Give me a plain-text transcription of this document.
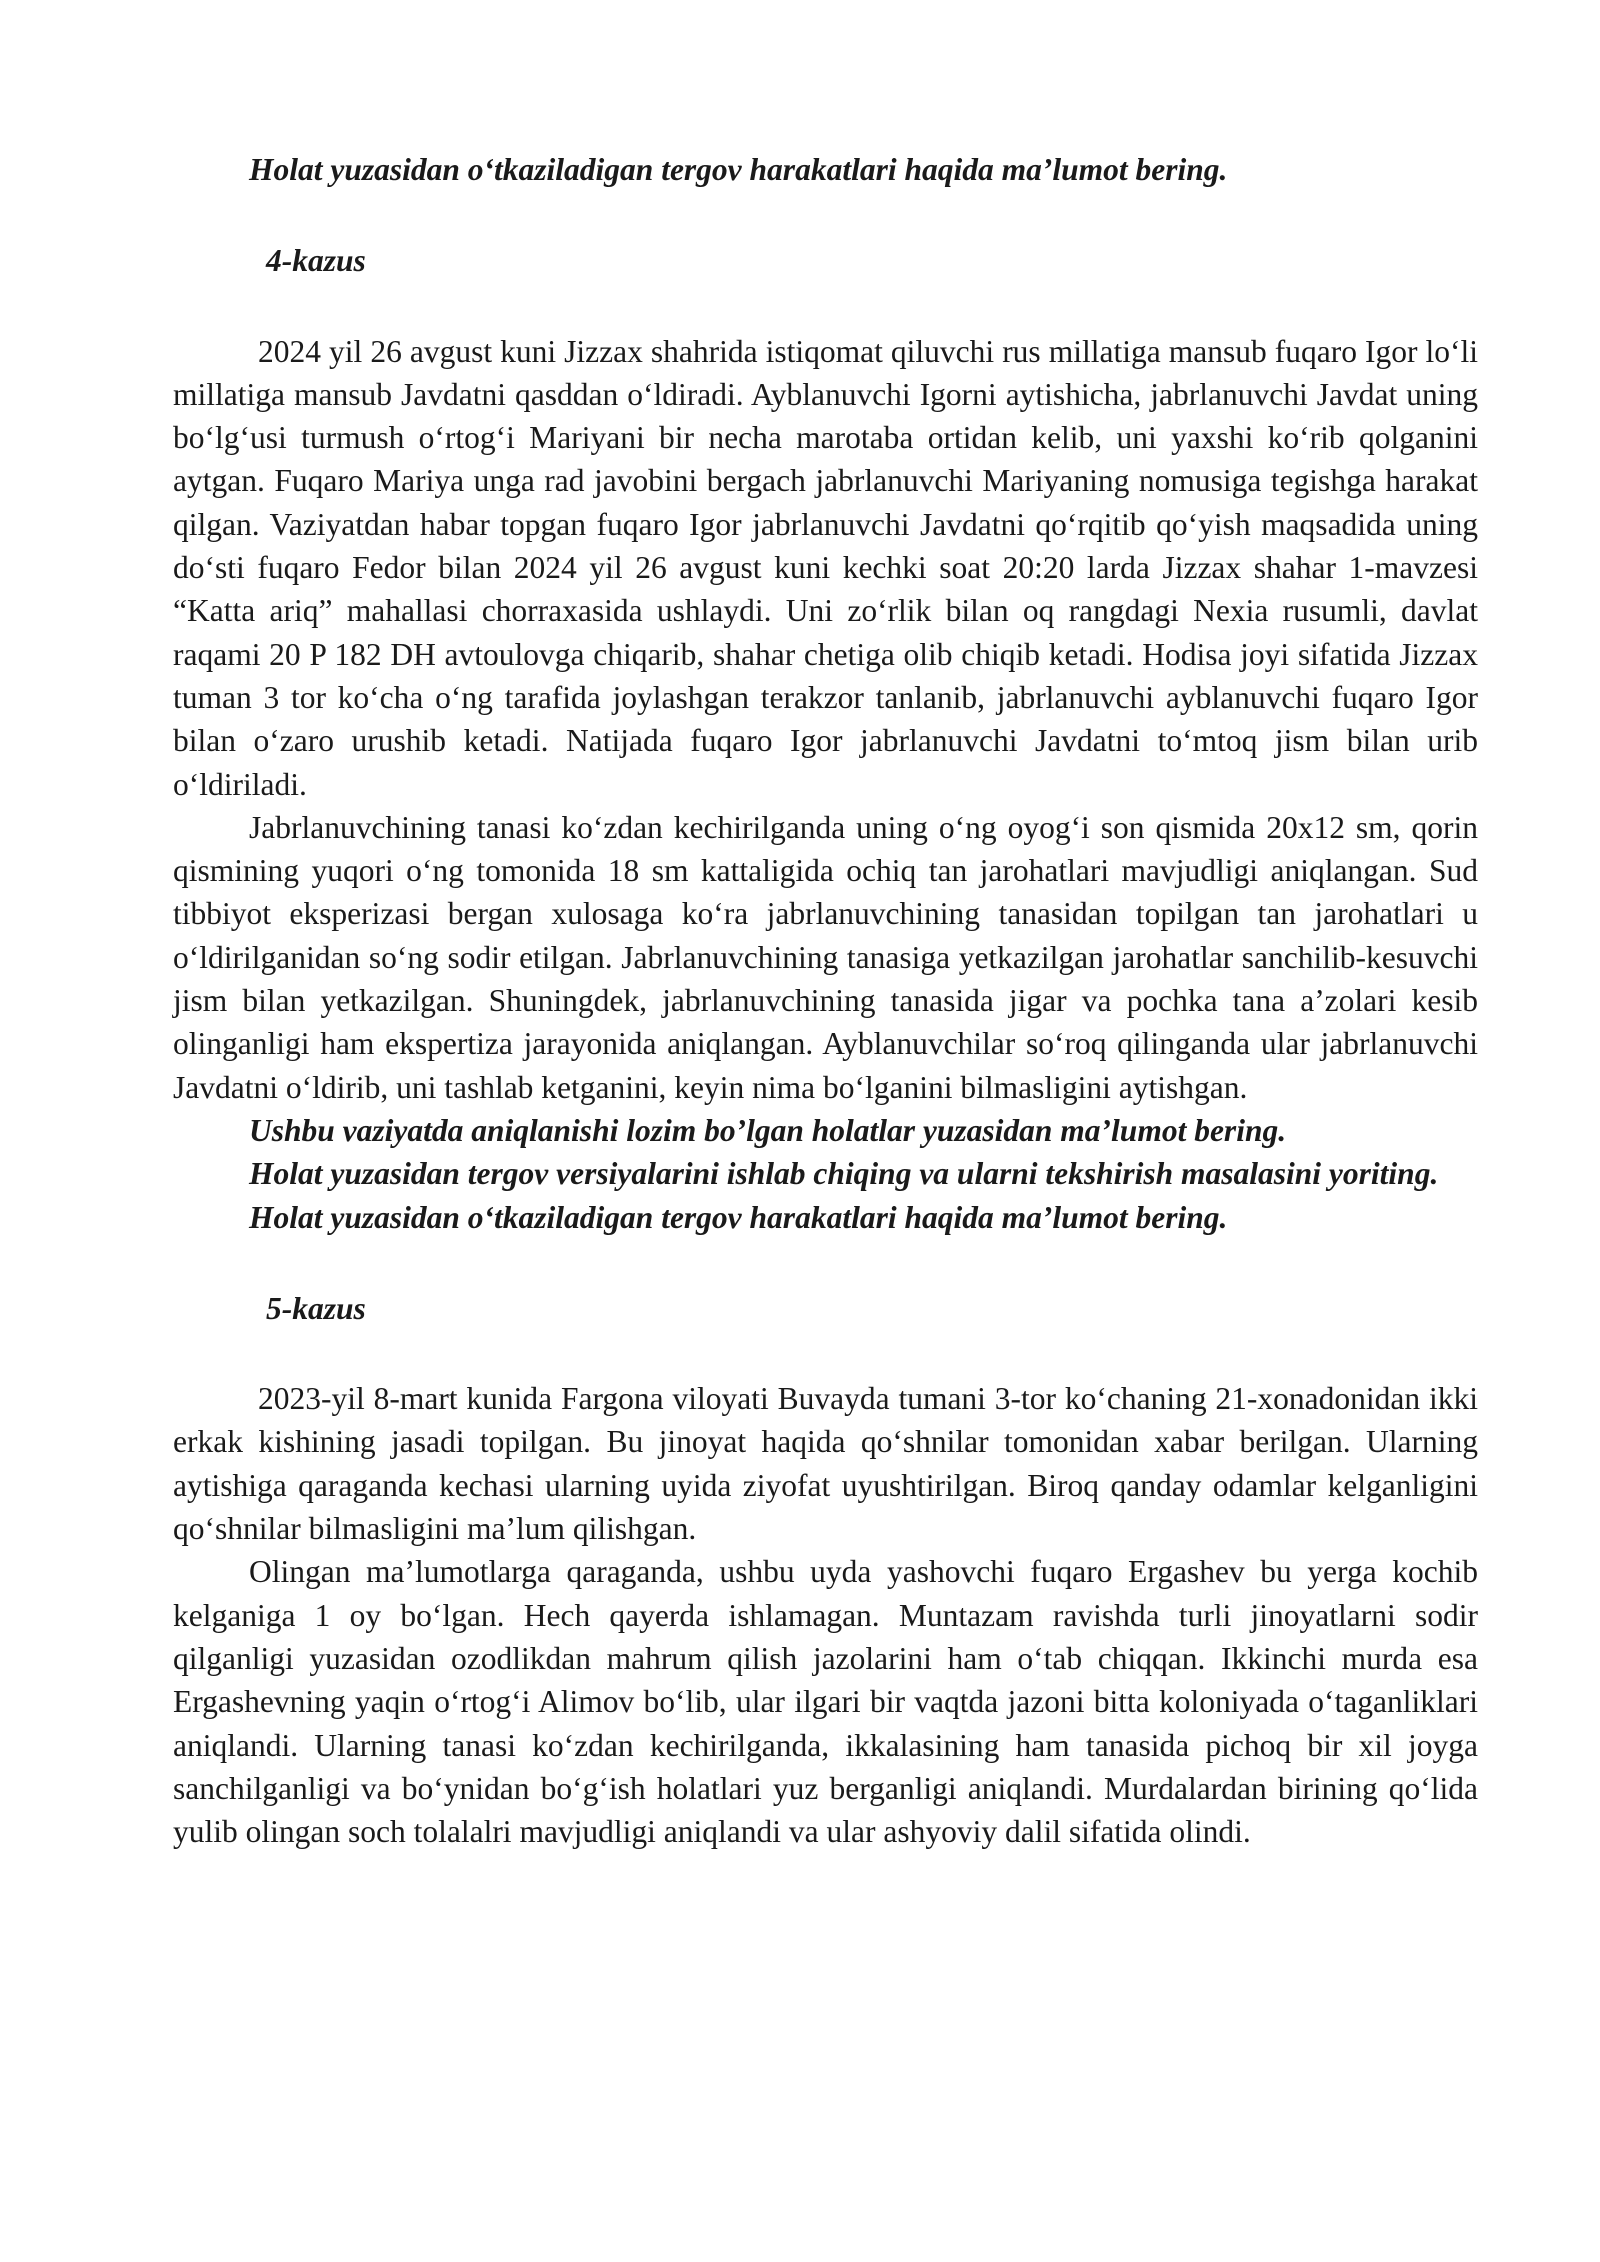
Holat yuzasidan o‘tkaziladigan tergov harakatlari haqida ma’lumot bering.

4-kazus

2024 yil 26 avgust kuni Jizzax shahrida istiqomat qiluvchi rus millatiga mansub fuqaro Igor lo‘li millatiga mansub Javdatni qasddan o‘ldiradi. Ayblanuvchi Igorni aytishicha, jabrlanuvchi Javdat uning bo‘lg‘usi turmush o‘rtog‘i Mariyani bir necha marotaba ortidan kelib, uni yaxshi ko‘rib qolganini aytgan. Fuqaro Mariya unga rad javobini bergach jabrlanuvchi Mariyaning nomusiga tegishga harakat qilgan. Vaziyatdan habar topgan fuqaro Igor jabrlanuvchi Javdatni qo‘rqitib qo‘yish maqsadida uning do‘sti fuqaro Fedor bilan 2024 yil 26 avgust kuni kechki soat 20:20 larda Jizzax shahar 1-mavzesi “Katta ariq” mahallasi chorraxasida ushlaydi. Uni zo‘rlik bilan oq rangdagi Nexia rusumli, davlat raqami 20 P 182 DH avtoulovga chiqarib, shahar chetiga olib chiqib ketadi. Hodisa joyi sifatida Jizzax tuman 3 tor ko‘cha o‘ng tarafida joylashgan terakzor tanlanib, jabrlanuvchi ayblanuvchi fuqaro Igor bilan o‘zaro urushib ketadi. Natijada fuqaro Igor jabrlanuvchi Javdatni to‘mtoq jism bilan urib o‘ldiriladi.

Jabrlanuvchining tanasi ko‘zdan kechirilganda uning o‘ng oyog‘i son qismida 20x12 sm, qorin qismining yuqori o‘ng tomonida 18 sm kattaligida ochiq tan jarohatlari mavjudligi aniqlangan. Sud tibbiyot eksperizasi bergan xulosaga ko‘ra jabrlanuvchining tanasidan topilgan tan jarohatlari u o‘ldirilganidan so‘ng sodir etilgan. Jabrlanuvchining tanasiga yetkazilgan jarohatlar sanchilib-kesuvchi jism bilan yetkazilgan. Shuningdek, jabrlanuvchining tanasida jigar va pochka tana a’zolari kesib olinganligi ham ekspertiza jarayonida aniqlangan. Ayblanuvchilar so‘roq qilinganda ular jabrlanuvchi Javdatni o‘ldirib, uni tashlab ketganini, keyin nima bo‘lganini bilmasligini aytishgan.

Ushbu vaziyatda aniqlanishi lozim bo’lgan holatlar yuzasidan ma’lumot bering.

Holat yuzasidan tergov versiyalarini ishlab chiqing va ularni tekshirish masalasini yoriting.

Holat yuzasidan o‘tkaziladigan tergov harakatlari haqida ma’lumot bering.

5-kazus

2023-yil 8-mart kunida Fargona viloyati Buvayda tumani 3-tor ko‘chaning 21-xonadonidan ikki erkak kishining jasadi topilgan. Bu jinoyat haqida qo‘shnilar tomonidan xabar berilgan. Ularning aytishiga qaraganda kechasi ularning uyida ziyofat uyushtirilgan. Biroq qanday odamlar kelganligini qo‘shnilar bilmasligini ma’lum qilishgan.

Olingan ma’lumotlarga qaraganda, ushbu uyda yashovchi fuqaro Ergashev bu yerga kochib kelganiga 1 oy bo‘lgan. Hech qayerda ishlamagan. Muntazam ravishda turli jinoyatlarni sodir qilganligi yuzasidan ozodlikdan mahrum qilish jazolarini ham o‘tab chiqqan. Ikkinchi murda esa Ergashevning yaqin o‘rtog‘i Alimov bo‘lib, ular ilgari bir vaqtda jazoni bitta koloniyada o‘taganliklari aniqlandi. Ularning tanasi ko‘zdan kechirilganda, ikkalasining ham tanasida pichoq bir xil joyga sanchilganligi va bo‘ynidan bo‘g‘ish holatlari yuz berganligi aniqlandi. Murdalardan birining qo‘lida yulib olingan soch tolalalri mavjudligi aniqlandi va ular ashyoviy dalil sifatida olindi.
